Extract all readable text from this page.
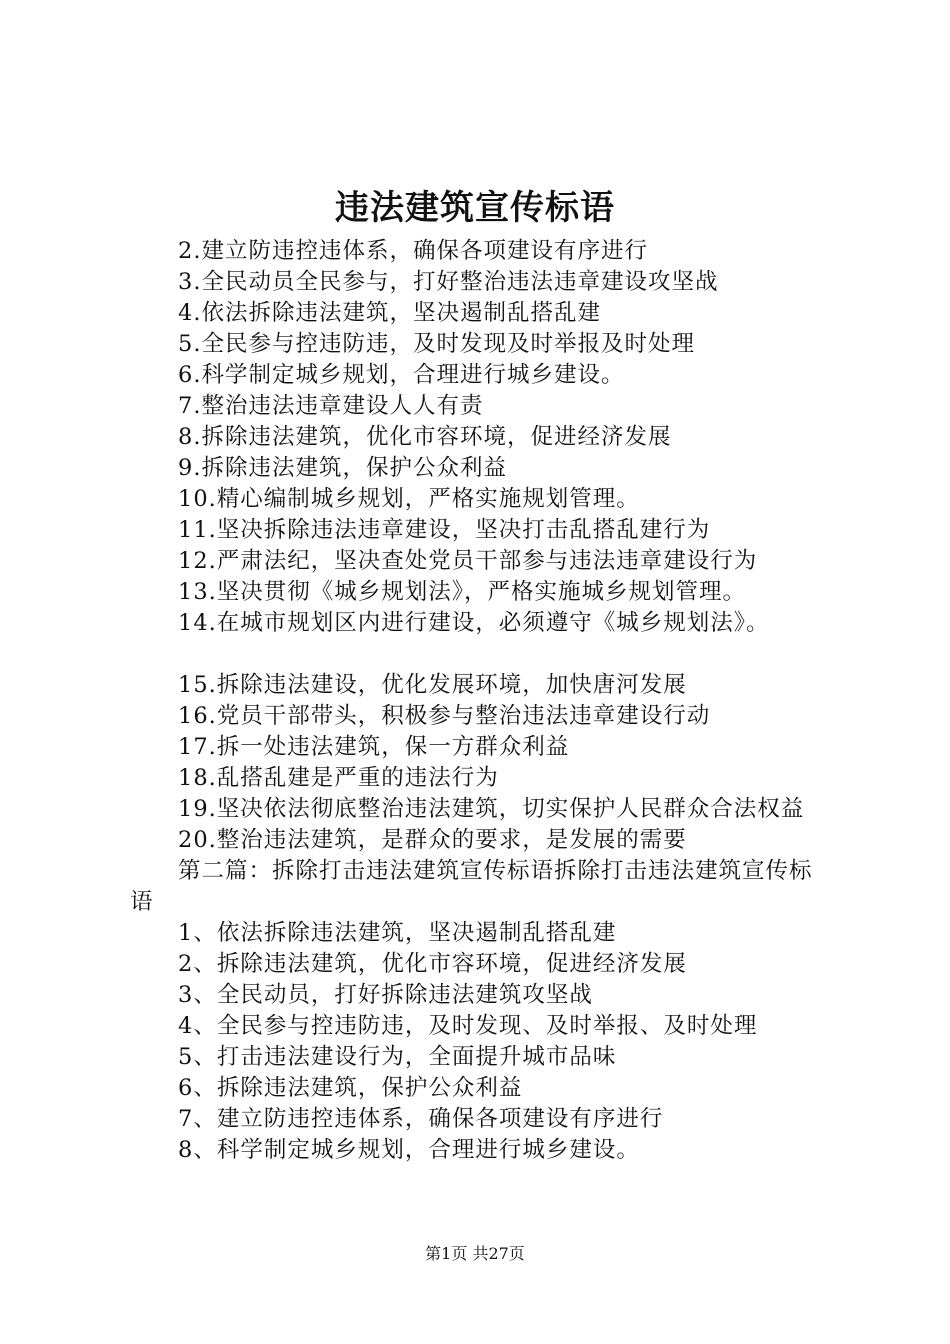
违法建筑宣传标语

2.建立防违控违体系，确保各项建设有序进行

3.全民动员全民参与，打好整治违法违章建设攻坚战

4.依法拆除违法建筑，坚决遏制乱搭乱建

5.全民参与控违防违，及时发现及时举报及时处理

6.科学制定城乡规划，合理进行城乡建设。

7.整治违法违章建设人人有责

8.拆除违法建筑，优化市容环境，促进经济发展

9.拆除违法建筑，保护公众利益

10.精心编制城乡规划，严格实施规划管理。

11.坚决拆除违法违章建设，坚决打击乱搭乱建行为

12.严肃法纪，坚决查处党员干部参与违法违章建设行为

13.坚决贯彻《城乡规划法》，严格实施城乡规划管理。

14.在城市规划区内进行建设，必须遵守《城乡规划法》。

15.拆除违法建设，优化发展环境，加快唐河发展

16.党员干部带头，积极参与整治违法违章建设行动

17.拆一处违法建筑，保一方群众利益

18.乱搭乱建是严重的违法行为

19.坚决依法彻底整治违法建筑，切实保护人民群众合法权益

20.整治违法建筑，是群众的要求，是发展的需要

第二篇：拆除打击违法建筑宣传标语拆除打击违法建筑宣传标语

1、依法拆除违法建筑，坚决遏制乱搭乱建

2、拆除违法建筑，优化市容环境，促进经济发展

3、全民动员，打好拆除违法建筑攻坚战

4、全民参与控违防违，及时发现、及时举报、及时处理

5、打击违法建设行为，全面提升城市品味

6、拆除违法建筑，保护公众利益

7、建立防违控违体系，确保各项建设有序进行

8、科学制定城乡规划，合理进行城乡建设。

第1页 共27页
